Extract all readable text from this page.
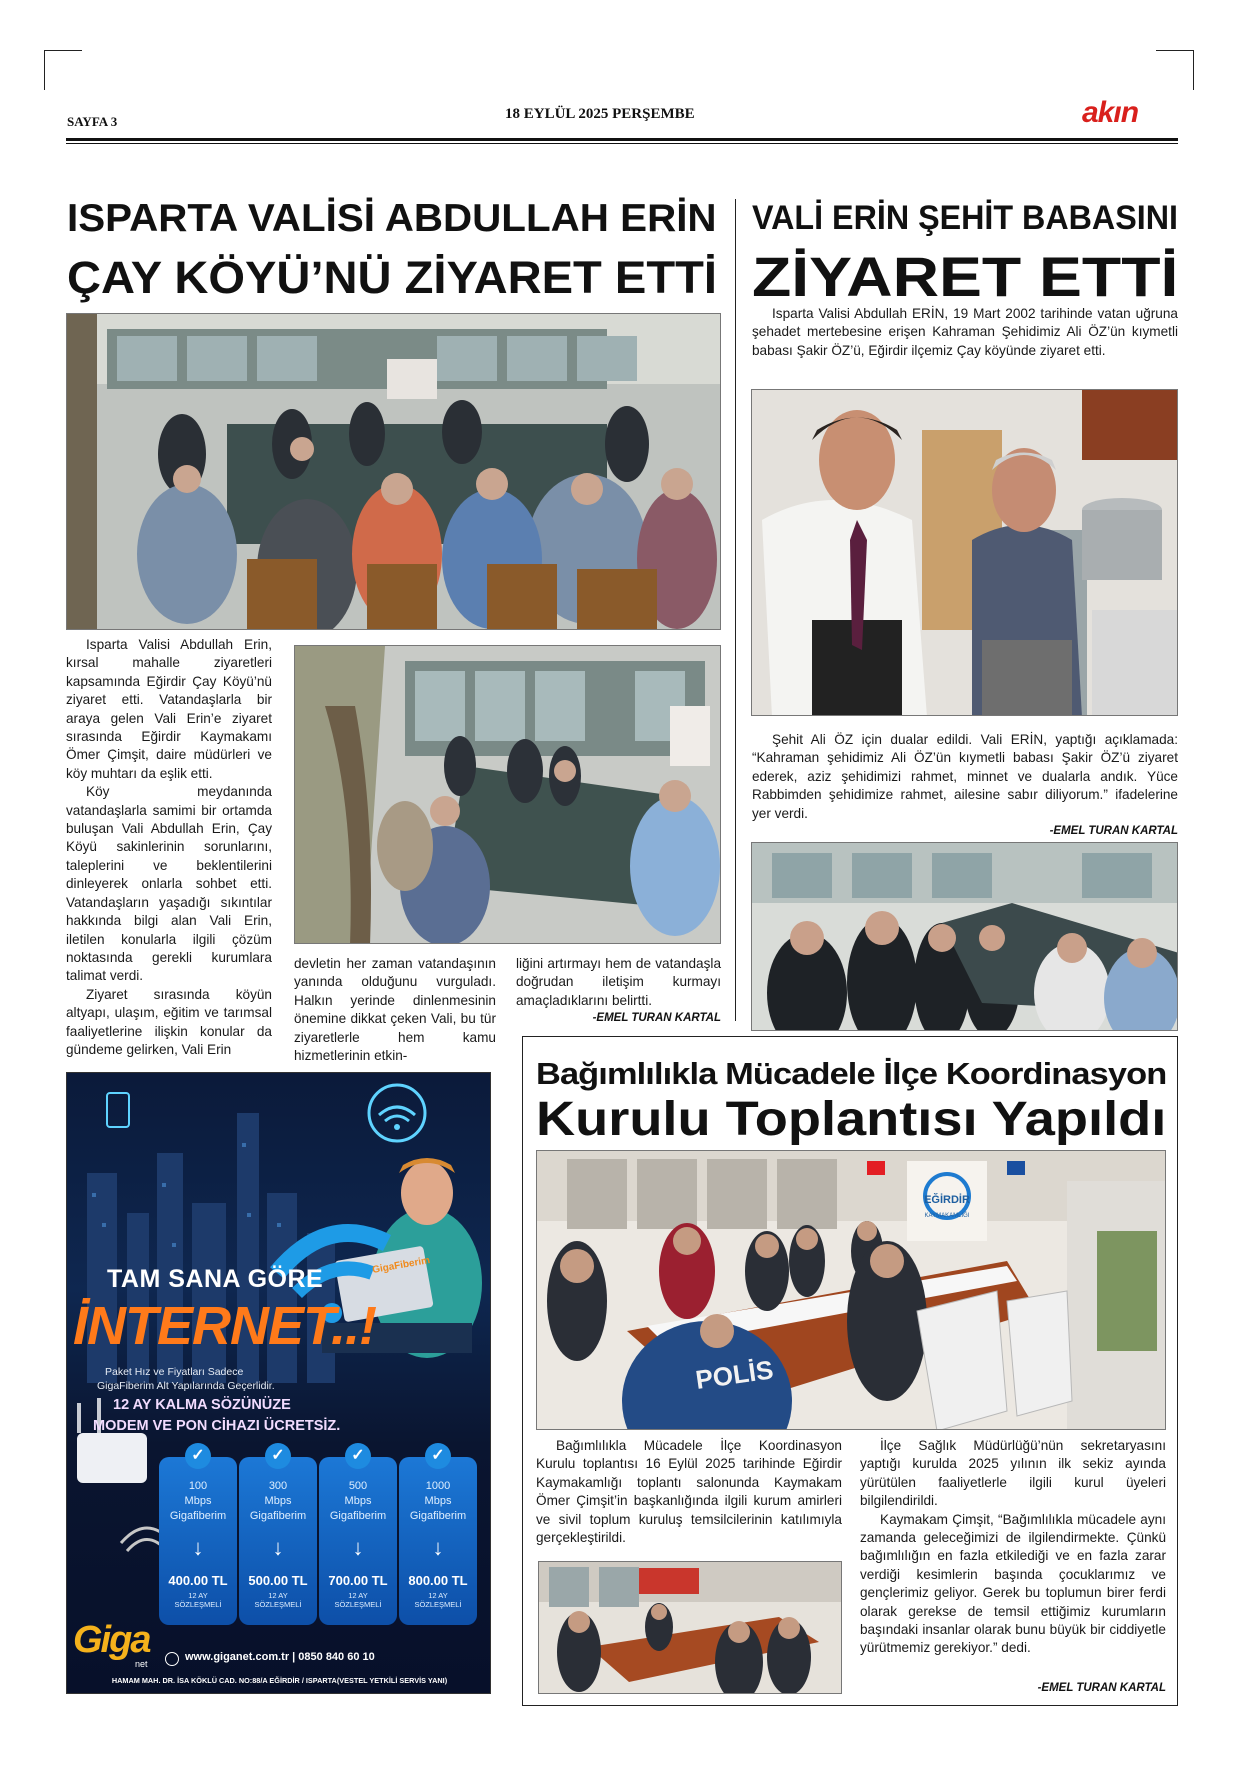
SAYFA 3	18 EYLÜL 2025 PERŞEMBE	akın
ISPARTA VALİSİ ABDULLAH ERİN
ÇAY KÖYÜ’NÜ ZİYARET ETTİ

Isparta Valisi Abdullah Erin, kırsal mahalle ziyaretleri kapsamında Eğirdir Çay Köyü’nü ziyaret etti. Vatandaşlarla bir araya gelen Vali Erin’e ziyaret sırasında Eğirdir Kaymakamı Ömer Çimşit, daire müdürleri ve köy muhtarı da eşlik etti.

Köy meydanında vatandaşlarla samimi bir ortamda buluşan Vali Abdullah Erin, Çay Köyü sakinlerinin sorunlarını, taleplerini ve beklentilerini dinleyerek onlarla sohbet etti. Vatandaşların yaşadığı sıkıntılar hakkında bilgi alan Vali Erin, iletilen konularla ilgili çözüm noktasında gerekli kurumlara talimat verdi.

Ziyaret sırasında köyün altyapı, ulaşım, eğitim ve tarımsal faaliyetlerine ilişkin konular da gündeme gelirken, Vali Erin

devletin her zaman vatandaşının yanında olduğunu vurguladı. Halkın yerinde dinlenmesinin önemine dikkat çeken Vali, bu tür ziyaretlerle hem kamu hizmetlerinin etkin-

liğini artırmayı hem de vatandaşla doğrudan iletişim kurmayı amaçladıklarını belirtti.

-EMEL TURAN KARTAL
VALİ ERİN ŞEHİT BABASINI
ZİYARET ETTİ

Isparta Valisi Abdullah ERİN, 19 Mart 2002 tarihinde vatan uğruna şehadet mertebesine erişen Kahraman Şehidimiz Ali ÖZ’ün kıymetli babası Şakir ÖZ’ü, Eğirdir ilçemiz Çay köyünde ziyaret etti.

Şehit Ali ÖZ için dualar edildi. Vali ERİN, yaptığı açıklamada: “Kahraman şehidimiz Ali ÖZ’ün kıymetli babası Şakir ÖZ’ü ziyaret ederek, aziz şehidimizi rahmet, minnet ve dualarla andık. Yüce Rabbimden şehidimize rahmet, ailesine sabır diliyorum.” ifadelerine yer verdi.

-EMEL TURAN KARTAL
Bağımlılıkla Mücadele İlçe Koordinasyon
Kurulu Toplantısı Yapıldı
EĞİRDİR
KAYMAKAMLIĞI
POLİS

Bağımlılıkla Mücadele İlçe Koordinasyon Kurulu toplantısı 16 Eylül 2025 tarihinde Eğirdir Kaymakamlığı toplantı salonunda Kaymakam Ömer Çimşit’in başkanlığında ilgili kurum amirleri ve sivil toplum kuruluş temsilcilerinin katılımıyla gerçekleştirildi.

İlçe Sağlık Müdürlüğü’nün sekretaryasını yaptığı kurulda 2025 yılının ilk sekiz ayında yürütülen faaliyetlerle ilgili kurul üyeleri bilgilendirildi.

Kaymakam Çimşit, “Bağımlılıkla mücadele aynı zamanda geleceğimizi de ilgilendirmekte. Çünkü bağımlılığın en fazla etkilediği ve en fazla zarar verdiği kesimlerin başında çocuklarımız ve gençlerimiz geliyor. Gerek bu toplumun birer ferdi olarak gerekse de temsil ettiğimiz kurumların başındaki insanlar olarak bunu büyük bir ciddiyetle yürütmemiz gerekiyor.” dedi.

-EMEL TURAN KARTAL
GigaFiberim
TAM SANA GÖRE
İNTERNET..!
Paket Hız ve Fiyatları Sadece
GigaFiberim Alt Yapılarında Geçerlidir.
12 AY KALMA SÖZÜNÜZE
MODEM VE PON CİHAZI ÜCRETSİZ.
✓
100
Mbps
Gigafiberim
↓
400.00 TL
12 AY
SÖZLEŞMELİ
✓
300
Mbps
Gigafiberim
↓
500.00 TL
12 AY
SÖZLEŞMELİ
✓
500
Mbps
Gigafiberim
↓
700.00 TL
12 AY
SÖZLEŞMELİ
✓
1000
Mbps
Gigafiberim
↓
800.00 TL
12 AY
SÖZLEŞMELİ
Giga
net
www.giganet.com.tr | 0850 840 60 10
HAMAM MAH. DR. İSA KÖKLÜ CAD. NO:88/A EĞİRDİR / ISPARTA(VESTEL YETKİLİ SERVİS YANI)
